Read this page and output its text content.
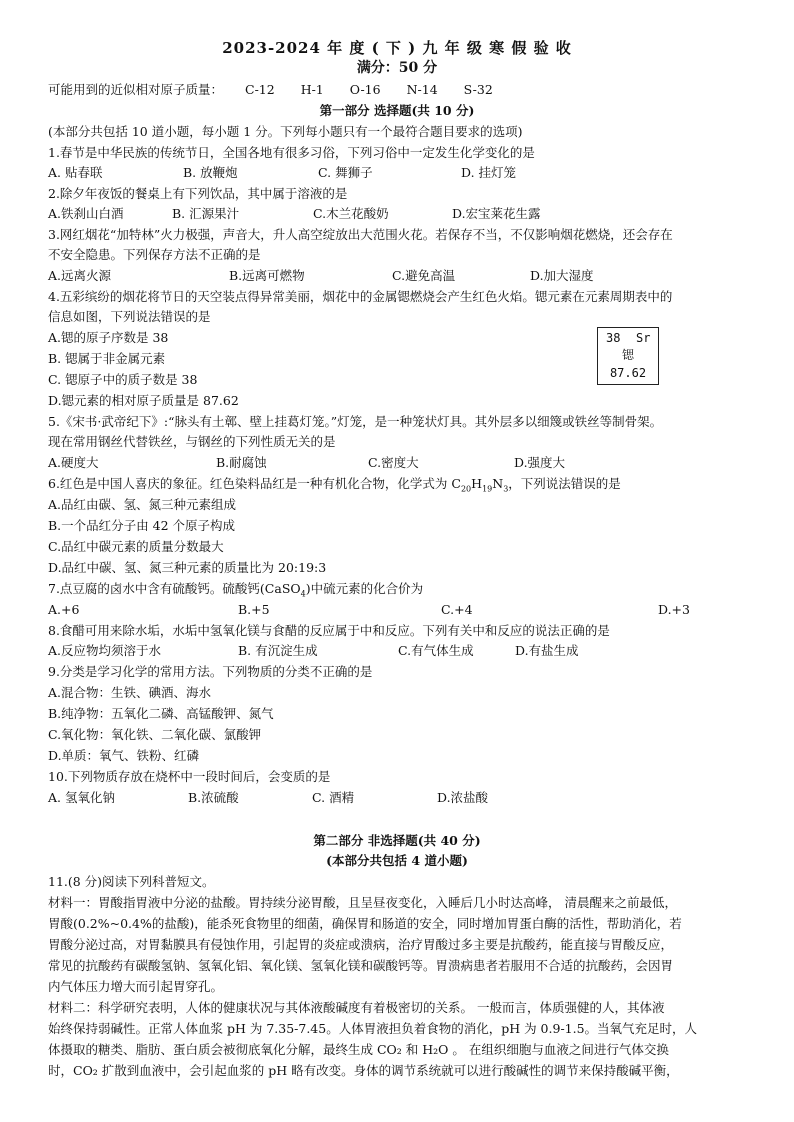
2023-2024 年 度 ( 下 ) 九 年 级 寒 假 验 收
满分：50 分
可能用到的近似相对原子质量： C-12 H-1 O-16 N-14 S-32
第一部分 选择题(共 10 分)
(本部分共包括 10 道小题，每小题 1 分。下列每小题只有一个最符合题目要求的选项)
1.春节是中华民族的传统节日，全国各地有很多习俗，下列习俗中一定发生化学变化的是
A. 贴春联	B. 放鞭炮	C. 舞狮子	D. 挂灯笼
2.除夕年夜饭的餐桌上有下列饮品，其中属于溶液的是
A.铁刹山白酒	B. 汇源果汁	C.木兰花酸奶	D.宏宝莱花生露
3.网红烟花“加特林”火力极强，声音大，升人高空绽放出大范围火花。若保存不当，不仅影响烟花燃烧，还会存在
不安全隐患。下列保存方法不正确的是
A.远离火源	B.远离可燃物	C.避免高温	D.加大湿度
4.五彩缤纷的烟花将节日的天空装点得异常美丽，烟花中的金属锶燃烧会产生红色火焰。锶元素在元素周期表中的
信息如图，下列说法错误的是
A.锶的原子序数是 38
B. 锶属于非金属元素
C. 锶原子中的质子数是 38
D.锶元素的相对原子质量是 87.62
38 Sr
锶
87.62
5.《宋书·武帝纪下》:“脉头有土鄣、壁上挂葛灯笼。”灯笼，是一种笼状灯具。其外层多以细篾或铁丝等制骨架。
现在常用钢丝代替铁丝，与钢丝的下列性质无关的是
A.硬度大	B.耐腐蚀	C.密度大	D.强度大
6.红色是中国人喜庆的象征。红色染料品红是一种有机化合物，化学式为 $C_{20}H_{19}N_3$，下列说法错误的是
A.品红由碳、氢、氮三种元素组成
B.一个品红分子由 42 个原子构成
C.品红中碳元素的质量分数最大
D.品红中碳、氢、氮三种元素的质量比为 20:19:3
7.点豆腐的卤水中含有硫酸钙。硫酸钙(CaSO$_4$)中硫元素的化合价为
A.+6	B.+5	C.+4	D.+3
8.食醋可用来除水垢，水垢中氢氧化镁与食醋的反应属于中和反应。下列有关中和反应的说法正确的是
A.反应物均须溶于水	B. 有沉淀生成	C.有气体生成	D.有盐生成
9.分类是学习化学的常用方法。下列物质的分类不正确的是
A.混合物：生铁、碘酒、海水
B.纯净物：五氧化二磷、高锰酸钾、氮气
C.氧化物：氧化铁、二氧化碳、氯酸钾
D.单质：氧气、铁粉、红磷
10.下列物质存放在烧杯中一段时间后，会变质的是
A. 氢氧化钠	B.浓硫酸	C. 酒精	D.浓盐酸
第二部分 非选择题(共 40 分)
(本部分共包括 4 道小题)
11.(8 分)阅读下列科普短文。
材料一：胃酸指胃液中分泌的盐酸。胃持续分泌胃酸，且呈昼夜变化，入睡后几小时达高峰， 清晨醒来之前最低，
胃酸(0.2%~0.4%的盐酸)，能杀死食物里的细菌，确保胃和肠道的安全，同时增加胃蛋白酶的活性，帮助消化，若
胃酸分泌过高，对胃黏膜具有侵蚀作用，引起胃的炎症或溃病，治疗胃酸过多主要是抗酸药，能直接与胃酸反应，
常见的抗酸药有碳酸氢钠、氢氧化铝、氧化镁、氢氧化镁和碳酸钙等。胃溃病患者若服用不合适的抗酸药，会因胃
内气体压力增大而引起胃穿孔。
材料二：科学研究表明，人体的健康状况与其体液酸碱度有着极密切的关系。 一般而言，体质强健的人，其体液
始终保持弱碱性。正常人体血浆 pH 为 7.35-7.45。人体胃液担负着食物的消化，pH 为 0.9-1.5。当氧气充足时，人
体摄取的糖类、脂肪、蛋白质会被彻底氧化分解，最终生成 CO₂ 和 H₂O 。 在组织细胞与血液之间进行气体交换
时，CO₂ 扩散到血液中，会引起血浆的 pH 略有改变。身体的调节系统就可以进行酸碱性的调节来保持酸碱平衡，
